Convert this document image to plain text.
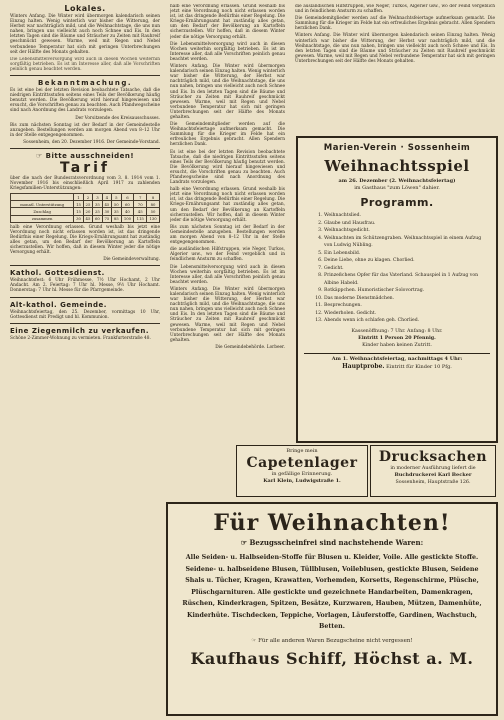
Lokales.
Winters Anfang. Die Winter wird übermorgen kalendarisch seinen Einzug halten. Wenig winterlich war bisher die Witterung, der Herbst war nachträglich mild, und die Weihnachtstage, die uns nun nahen, bringen uns vielleicht auch noch Schnee und Eis. In den letzten Tagen sind die Bäume und Sträucher zu Zeiten mit Rauhreif geschmückt gewesen. Warme, weil mit Regen und Nebel verbundene Temperatur hat sich mit geringen Unterbrechungen seit der Hälfte des Monats gehalten.
Die Lebensmittelversorgung wird auch in diesen Wochen weiterhin sorgfältig betrieben. Es ist im Interesse aller, daß alle Vorschriften peinlich genau beachtet werden.
Bekanntmachung.
Es ist eine bei der letzten Revision beobachtete Tatsache, daß die niedrigen Eintrittsstufen seitens eines Teils der Bevölkerung häufig benutzt werden. Die Bevölkerung wird hierauf hingewiesen und ersucht, die Vorschriften genau zu beachten. Auch Pfandwegscheine sind nach Anordnung des Landrats vorzulegen.
Der Vorsitzende des Kreisausschusses.
Bis zum nächsten Sonntag ist der Bedarf in der Gemeindestelle anzugeben. Bestellungen werden am morgen Abend von 8–12 Uhr in der Stelle entgegengenommen.
Sossenheim, den 20. Dezember 1916. Der Gemeinde-Vorstand.
☞ Bitte ausschneiden!
Tarif
über die nach der Bundesratsverordnung vom 3. 8. 1914 vom 1. November 1916 bis einschließlich April 1917 zu zahlenden Kriegsfamilien-Unterstützungen:
	1	2	3	4	5	6	7	8
monatl. Unterstützung	15	25	35	45	50	60	70	80
Zuschlag	15	20	25	30	35	40	45	50
zusammen	30	45	60	75	85	100	115	130
halb eine Verordnung erlassen. Grund weshalb bis jetzt eine Verordnung noch nicht erlassen worden ist, ist das dringende Bedürfnis einer Regelung. Die Kriegs-Ernährungsamt hat zuständig alles getan, um den Bedarf der Bevölkerung an Kartoffeln sicherzustellen. Wir hoffen, daß in diesem Winter jeder die nötige Versorgung erhält.
Die Gemeindeverwaltung.
Kathol. Gottesdienst.
Weihnachtsfest: 6 Uhr Frühmesse, 7½ Uhr Hochamt, 2 Uhr Andacht. Am 2. Feiertag: 7 Uhr hl. Messe, 9½ Uhr Hochamt. Donnerstag: 7 Uhr hl. Messe für die Pfarrgemeinde.
Alt-kathol. Gemeinde.
Weihnachtsfeiertag, den 25. Dezember, vormittags 10 Uhr, Gottesdienst mit Predigt und hl. Kommunion.
Eine Ziegenmilch zu verkaufen.
Schöne 2-Zimmer-Wohnung zu vermieten. Frankfurterstraße 48.
halb eine Verordnung erlassen. Grund weshalb bis jetzt eine Verordnung noch nicht erlassen worden ist, ist das dringende Bedürfnis einer Regelung. Die Kriegs-Ernährungsamt hat zuständig alles getan, um den Bedarf der Bevölkerung an Kartoffeln sicherzustellen. Wir hoffen, daß in diesem Winter jeder die nötige Versorgung erhält.
Die Lebensmittelversorgung wird auch in diesen Wochen weiterhin sorgfältig betrieben. Es ist im Interesse aller, daß alle Vorschriften peinlich genau beachtet werden.
Winters Anfang. Die Winter wird übermorgen kalendarisch seinen Einzug halten. Wenig winterlich war bisher die Witterung, der Herbst war nachträglich mild, und die Weihnachtstage, die uns nun nahen, bringen uns vielleicht auch noch Schnee und Eis. In den letzten Tagen sind die Bäume und Sträucher zu Zeiten mit Rauhreif geschmückt gewesen. Warme, weil mit Regen und Nebel verbundene Temperatur hat sich mit geringen Unterbrechungen seit der Hälfte des Monats gehalten.
Die Gemeindemitglieder werden auf die Weihnachtsfeiertage aufmerksam gemacht. Die Sammlung für die Krieger im Felde hat ein erfreuliches Ergebnis gebracht. Allen Spendern herzlichen Dank.
Es ist eine bei der letzten Revision beobachtete Tatsache, daß die niedrigen Eintrittsstufen seitens eines Teils der Bevölkerung häufig benutzt werden. Die Bevölkerung wird hierauf hingewiesen und ersucht, die Vorschriften genau zu beachten. Auch Pfandwegscheine sind nach Anordnung des Landrats vorzulegen.
halb eine Verordnung erlassen. Grund weshalb bis jetzt eine Verordnung noch nicht erlassen worden ist, ist das dringende Bedürfnis einer Regelung. Die Kriegs-Ernährungsamt hat zuständig alles getan, um den Bedarf der Bevölkerung an Kartoffeln sicherzustellen. Wir hoffen, daß in diesem Winter jeder die nötige Versorgung erhält.
Bis zum nächsten Sonntag ist der Bedarf in der Gemeindestelle anzugeben. Bestellungen werden am morgen Abend von 8–12 Uhr in der Stelle entgegengenommen.
die ausländischen Hilfstruppen, wie Neger, Turkos, Algerier usw., wo der Feind vergeblich und in feindlichem Ansturm zu schaffen.
Die Lebensmittelversorgung wird auch in diesen Wochen weiterhin sorgfältig betrieben. Es ist im Interesse aller, daß alle Vorschriften peinlich genau beachtet werden.
Winters Anfang. Die Winter wird übermorgen kalendarisch seinen Einzug halten. Wenig winterlich war bisher die Witterung, der Herbst war nachträglich mild, und die Weihnachtstage, die uns nun nahen, bringen uns vielleicht auch noch Schnee und Eis. In den letzten Tagen sind die Bäume und Sträucher zu Zeiten mit Rauhreif geschmückt gewesen. Warme, weil mit Regen und Nebel verbundene Temperatur hat sich mit geringen Unterbrechungen seit der Hälfte des Monats gehalten.
Die Gemeindebehörde. Lorbeer.
die ausländischen Hilfstruppen, wie Neger, Turkos, Algerier usw., wo der Feind vergeblich und in feindlichem Ansturm zu schaffen.
Die Gemeindemitglieder werden auf die Weihnachtsfeiertage aufmerksam gemacht. Die Sammlung für die Krieger im Felde hat ein erfreuliches Ergebnis gebracht. Allen Spendern herzlichen Dank.
Winters Anfang. Die Winter wird übermorgen kalendarisch seinen Einzug halten. Wenig winterlich war bisher die Witterung, der Herbst war nachträglich mild, und die Weihnachtstage, die uns nun nahen, bringen uns vielleicht auch noch Schnee und Eis. In den letzten Tagen sind die Bäume und Sträucher zu Zeiten mit Rauhreif geschmückt gewesen. Warme, weil mit Regen und Nebel verbundene Temperatur hat sich mit geringen Unterbrechungen seit der Hälfte des Monats gehalten.
Marien-Verein · Sossenheim
Weihnachtsspiel
am 26. Dezember (2. Weihnachtsfeiertag)
im Gasthaus "zum Löwen" dahier.
Programm.
1. Weihnachtslied.
2. Glaube und Hausfrau.
3. Weihnachtsgedicht.
4. Weihnachten im Schützengraben. Weihnachtsspiel in einem Aufzug von Ludwig Nübling.
5. Ein Lebensbild.
6. Deine Liebe, ohne zu klagen. Chorlied.
7. Gedicht.
8. Prinzeßchens Opfer für das Vaterland. Schauspiel in 1 Aufzug von Albine Habeld.
9. Rotkäppchen. Humoristischer Solovortrag.
10. Das moderne Dienstmädchen.
11. Besprechungen.
12. Wiederholen. Gedicht.
13. Abends wenn ich schlafen geh. Chorlied.
Kassenöffnung: 7 Uhr. Anfang: 8 Uhr.
Eintritt 1 Person 20 Pfennig.
Kinder haben keinen Zutritt.
Am 1. Weihnachtsfeiertag, nachmittags 4 Uhr:
Hauptprobe. Eintritt für Kinder 10 Pfg.
Bringe mein
Capetenlager
in gefällige Erinnerung.
Karl Klein, Ludwigstraße 1.
Drucksachen
in moderner Ausführung liefert die
Buchdruckerei Karl Becker
Sossenheim, Hauptstraße 126.
Für Weihnachten!
☞ Bezugsscheinfrei sind nachstehende Waren:
Alle Seiden- u. Halbseiden-Stoffe für Blusen u. Kleider, Voile. Alle gestickte Stoffe. Seidene- u. halbseidene Blusen, Tüllblusen, Voileblusen, gestickte Blusen, Seidene Shals u. Tücher, Kragen, Krawatten, Vorhemden, Korsetts, Regenschirme, Plüsche, Plüschgarnituren. Alle gestickte und gezeichnete Handarbeiten, Damenkragen, Rüschen, Kinderkragen, Spitzen, Besätze, Kurzwaren, Hauben, Mützen, Damenhüte, Kinderhüte. Tischdecken, Teppiche, Vorlagen, Läuferstoffe, Gardinen, Wachstuch, Betten.
☞ Für alle anderen Waren Bezugscheine nicht vergessen!
Kaufhaus Schiff, Höchst a. M.
